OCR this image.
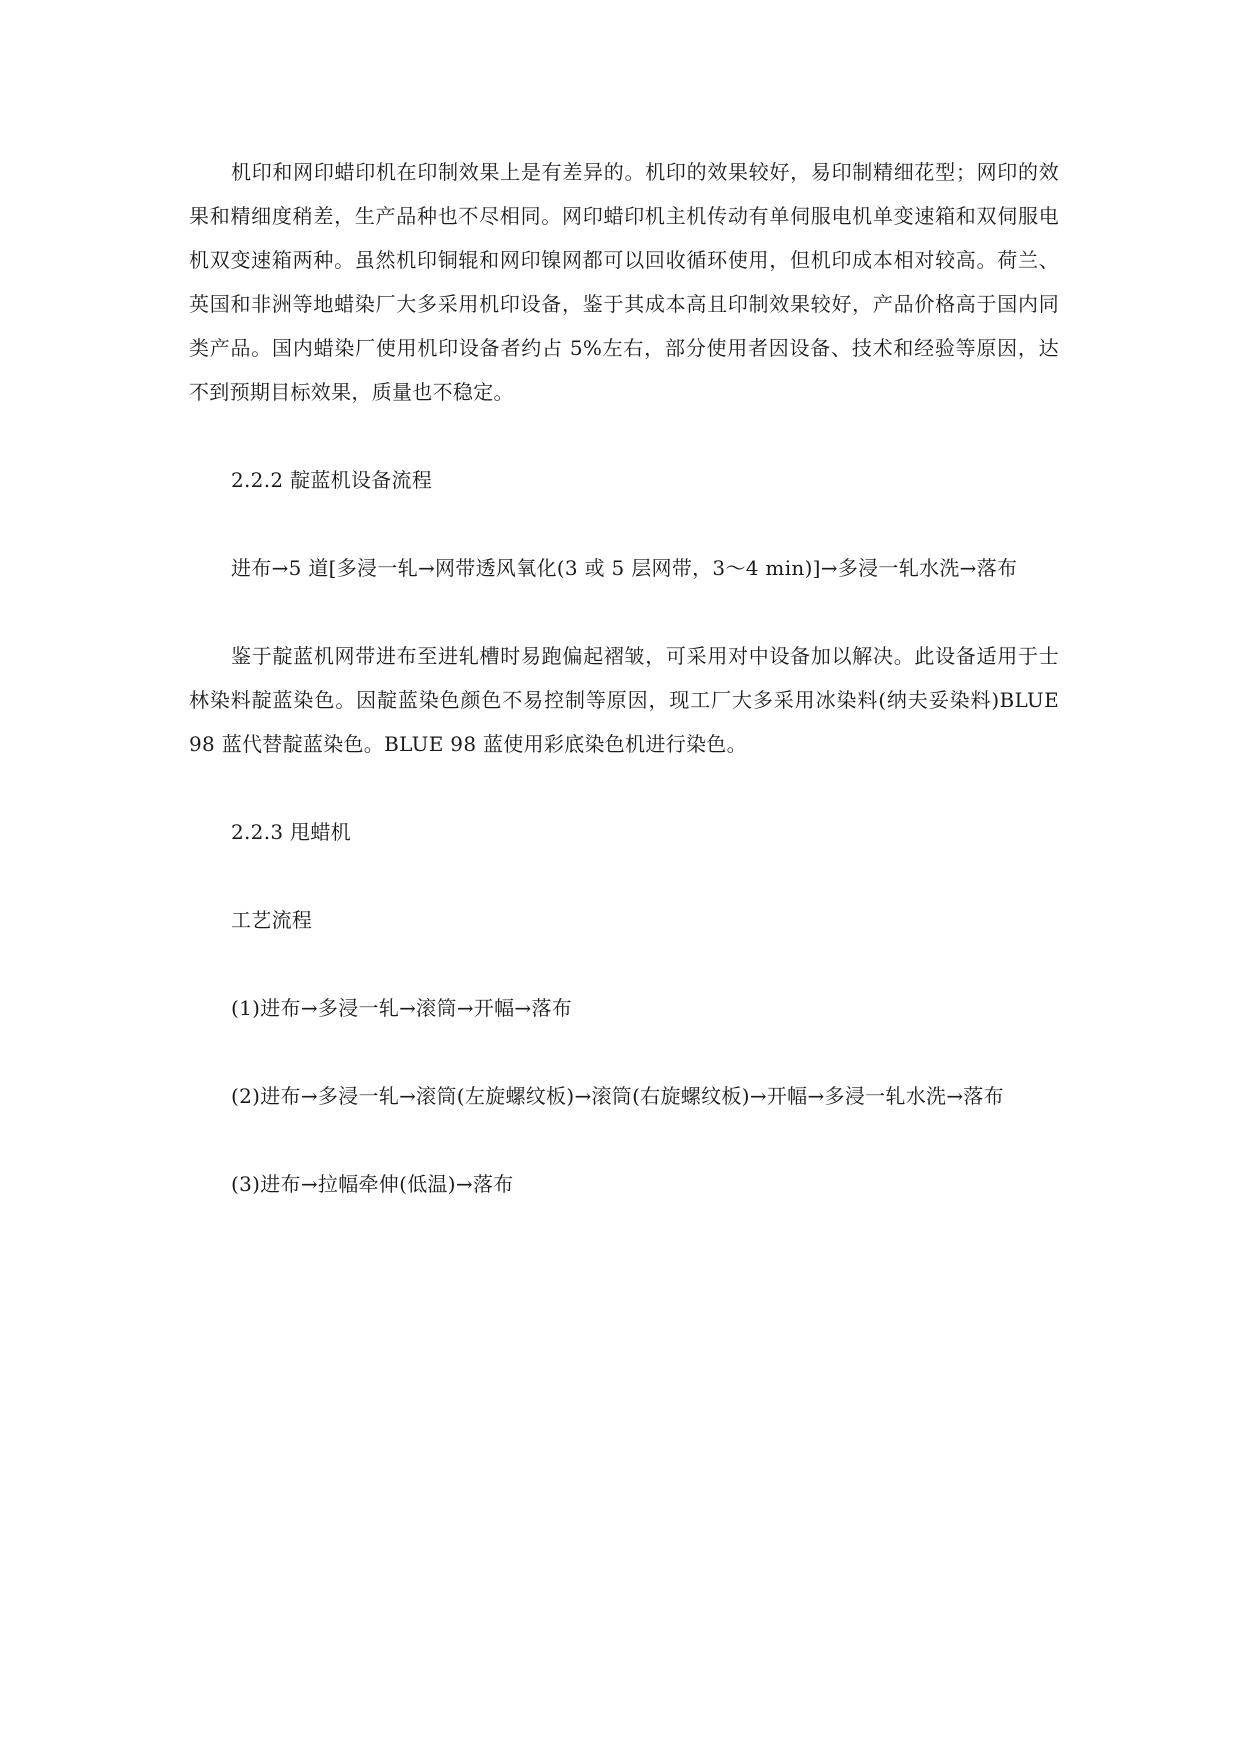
机印和网印蜡印机在印制效果上是有差异的。机印的效果较好，易印制精细花型；网印的效果和精细度稍差，生产品种也不尽相同。网印蜡印机主机传动有单伺服电机单变速箱和双伺服电机双变速箱两种。虽然机印铜辊和网印镍网都可以回收循环使用，但机印成本相对较高。荷兰、英国和非洲等地蜡染厂大多采用机印设备，鉴于其成本高且印制效果较好，产品价格高于国内同类产品。国内蜡染厂使用机印设备者约占 5%左右，部分使用者因设备、技术和经验等原因，达不到预期目标效果，质量也不稳定。

2.2.2 靛蓝机设备流程

进布→5 道[多浸一轧→网带透风氧化(3 或 5 层网带，3～4 min)]→多浸一轧水洗→落布

鉴于靛蓝机网带进布至进轧槽时易跑偏起褶皱，可采用对中设备加以解决。此设备适用于士林染料靛蓝染色。因靛蓝染色颜色不易控制等原因，现工厂大多采用冰染料(纳夫妥染料)BLUE 98 蓝代替靛蓝染色。BLUE 98 蓝使用彩底染色机进行染色。

2.2.3 甩蜡机

工艺流程

(1)进布→多浸一轧→滚筒→开幅→落布

(2)进布→多浸一轧→滚筒(左旋螺纹板)→滚筒(右旋螺纹板)→开幅→多浸一轧水洗→落布

(3)进布→拉幅牵伸(低温)→落布
